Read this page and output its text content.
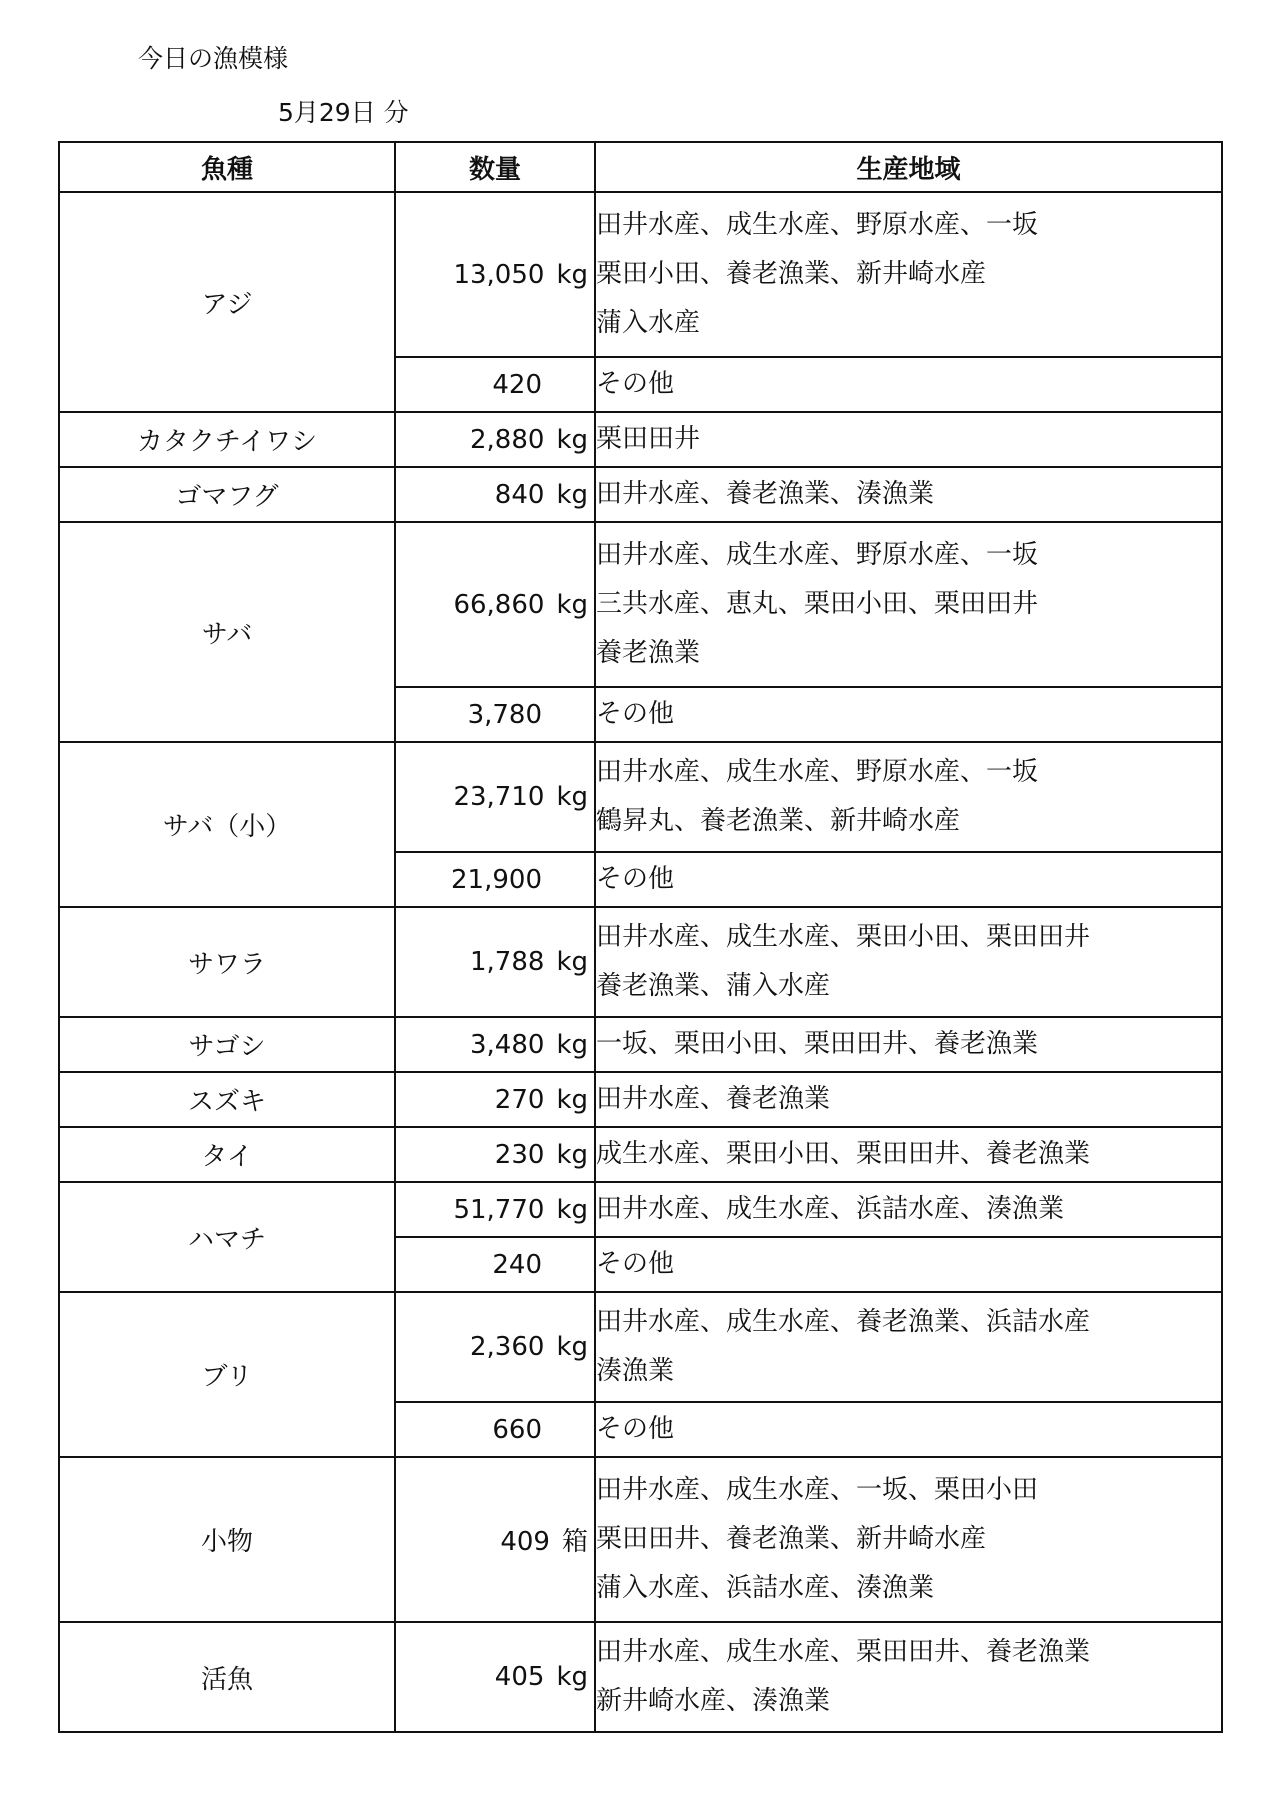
今日の漁模様
5月29日 分
魚種	数量	生産地域
アジ	13,050 kg	田井水産、成生水産、野原水産、一坂
栗田小田、養老漁業、新井崎水産
蒲入水産

	420	その他

カタクチイワシ	2,880 kg	栗田田井

ゴマフグ	840 kg	田井水産、養老漁業、湊漁業

サバ	66,860 kg	田井水産、成生水産、野原水産、一坂
三共水産、恵丸、栗田小田、栗田田井
養老漁業

	3,780	その他

サバ（小）	23,710 kg	田井水産、成生水産、野原水産、一坂
鶴昇丸、養老漁業、新井崎水産

	21,900	その他

サワラ	1,788 kg	田井水産、成生水産、栗田小田、栗田田井
養老漁業、蒲入水産

サゴシ	3,480 kg	一坂、栗田小田、栗田田井、養老漁業

スズキ	270 kg	田井水産、養老漁業

タイ	230 kg	成生水産、栗田小田、栗田田井、養老漁業

ハマチ	51,770 kg	田井水産、成生水産、浜詰水産、湊漁業

	240	その他

ブリ	2,360 kg	田井水産、成生水産、養老漁業、浜詰水産
湊漁業

	660	その他

小物	409 箱	田井水産、成生水産、一坂、栗田小田
栗田田井、養老漁業、新井崎水産
蒲入水産、浜詰水産、湊漁業

活魚	405 kg	田井水産、成生水産、栗田田井、養老漁業
新井崎水産、湊漁業
